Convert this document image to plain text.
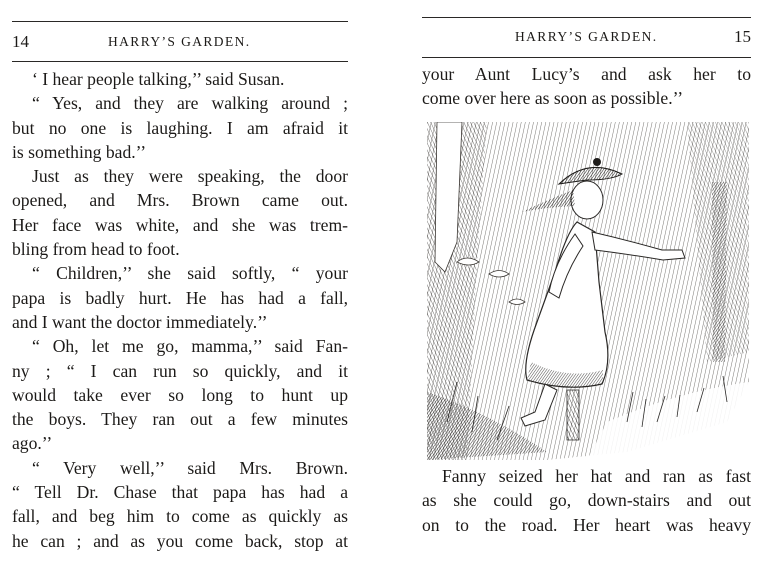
14	HARRY’S GARDEN.
‘ I hear people talking,’’ said Susan.
“ Yes, and they are walking around ;
but no one is laughing. I am afraid it
is something bad.’’
Just as they were speaking, the door
opened, and Mrs. Brown came out.
Her face was white, and she was trem-
bling from head to foot.
“ Children,’’ she said softly, “ your
papa is badly hurt. He has had a fall,
and I want the doctor immediately.’’
“ Oh, let me go, mamma,’’ said Fan-
ny ; “ I can run so quickly, and it
would take ever so long to hunt up
the boys. They ran out a few minutes
ago.’’
“ Very well,’’ said Mrs. Brown.
“ Tell Dr. Chase that papa has had a
fall, and beg him to come as quickly as
he can ; and as you come back, stop at
HARRY’S GARDEN.	15
your Aunt Lucy’s and ask her to
come over here as soon as possible.’’
Fanny seized her hat and ran as fast
as she could go, down-stairs and out
on to the road. Her heart was heavy
